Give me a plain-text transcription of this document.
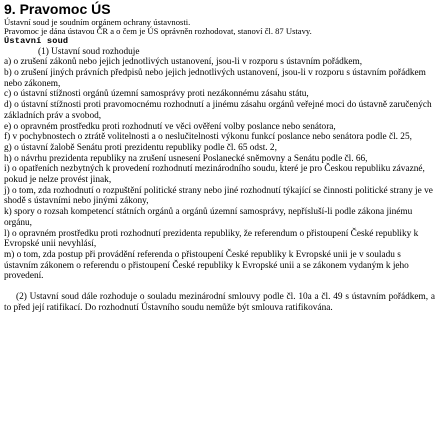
9. Pravomoc ÚS

Ústavní soud je soudním orgánem ochrany ústavnosti.

Pravomoc je dána ústavou ČR a o čem je ÚS oprávněn rozhodovat, stanoví čl. 87 Ustavy.

Ústavní soud

(1) Ustavní soud rozhoduje

a) o zrušení zákonů nebo jejich jednotlivých ustanovení, jsou-li v rozporu s ústavním pořádkem,
b) o zrušení jiných právních předpisů nebo jejich jednotlivých ustanovení, jsou-li v rozporu s ústavním pořádkem nebo zákonem,
c) o ústavní stížnosti orgánů územní samosprávy proti nezákonnému zásahu státu,
d) o ústavní stížnosti proti pravomocnému rozhodnutí a jinému zásahu orgánů veřejné moci do ústavně zaručených základních práv a svobod,
e) o opravném prostředku proti rozhodnutí ve věci ověření volby poslance nebo senátora,
f) v pochybnostech o ztrátě volitelnosti a o neslučitelnosti výkonu funkcí poslance nebo senátora podle čl. 25,
g) o ústavní žalobě Senátu proti prezidentu republiky podle čl. 65 odst. 2,
h) o návrhu prezidenta republiky na zrušení usnesení Poslanecké sněmovny a Senátu podle čl. 66,
i) o opatřeních nezbytných k provedení rozhodnutí mezinárodního soudu, které je pro Českou republiku závazné, pokud je nelze provést jinak,
j) o tom, zda rozhodnutí o rozpuštění politické strany nebo jiné rozhodnutí týkající se činnosti politické strany je ve shodě s ústavními nebo jinými zákony,
k) spory o rozsah kompetencí státních orgánů a orgánů územní samosprávy, nepřísluší-li podle zákona jinému orgánu,
l) o opravném prostředku proti rozhodnutí prezidenta republiky, že referendum o přistoupení České republiky k Evropské unii nevyhlásí,
m) o tom, zda postup při provádění referenda o přistoupení České republiky k Evropské unii je v souladu s ústavním zákonem o referendu o přistoupení České republiky k Evropské unii a se zákonem vydaným k jeho provedení.

(2) Ustavní soud dále rozhoduje o souladu mezinárodní smlouvy podle čl. 10a a čl. 49 s ústavním pořádkem, a to před její ratifikací. Do rozhodnutí Ústavního soudu nemůže být smlouva ratifikována.
